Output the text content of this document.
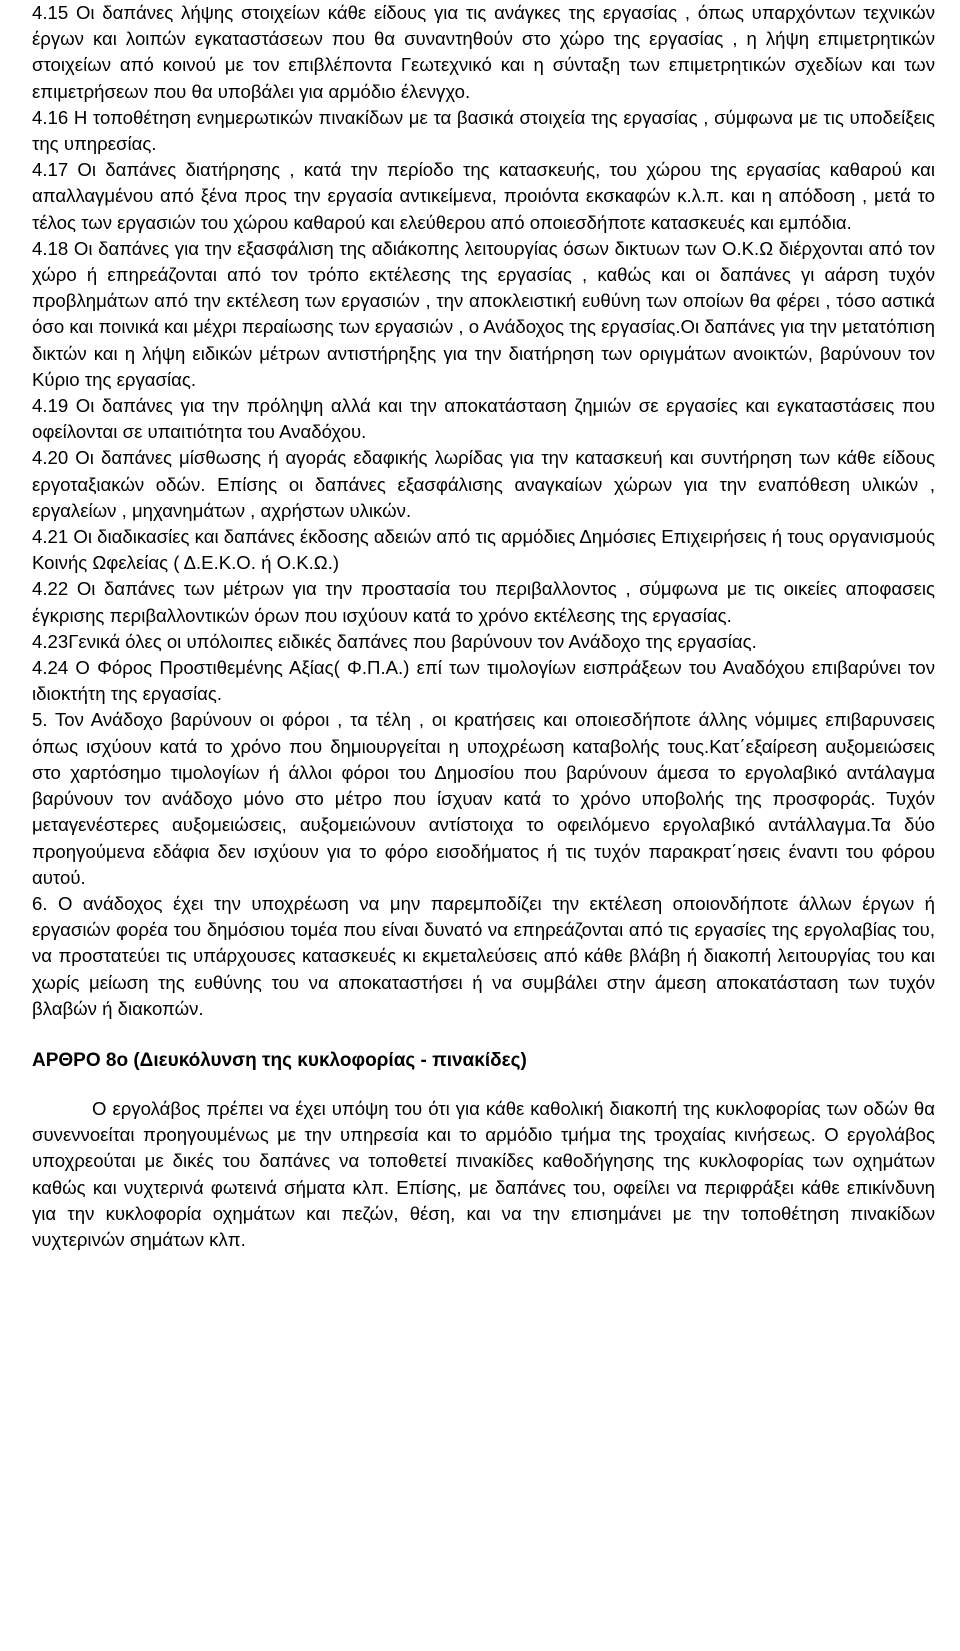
4.15 Οι δαπάνες λήψης στοιχείων κάθε είδους για τις ανάγκες της εργασίας , όπως υπαρχόντων τεχνικών έργων και λοιπών εγκαταστάσεων που θα συναντηθούν στο χώρο της εργασίας , η λήψη επιμετρητικών στοιχείων από κοινού με τον επιβλέποντα Γεωτεχνικό και η σύνταξη των επιμετρητικών σχεδίων και των επιμετρήσεων που θα υποβάλει για αρμόδιο έλενγχο.

4.16 Η τοποθέτηση ενημερωτικών πινακίδων με τα βασικά στοιχεία της εργασίας , σύμφωνα με τις υποδείξεις της υπηρεσίας.

4.17 Οι δαπάνες διατήρησης , κατά την περίοδο της κατασκευής, του χώρου της εργασίας καθαρού και απαλλαγμένου από ξένα προς την εργασία αντικείμενα, προιόντα εκσκαφών κ.λ.π. και η απόδοση , μετά το τέλος των εργασιών του χώρου καθαρού και ελεύθερου από οποιεσδήποτε κατασκευές και εμπόδια.

4.18 Οι δαπάνες για την εξασφάλιση της αδιάκοπης λειτουργίας όσων δικτυων των Ο.Κ.Ω διέρχονται από τον χώρο ή επηρεάζονται από τον τρόπο εκτέλεσης της εργασίας , καθώς και οι δαπάνες γι αάρση τυχόν προβλημάτων από την εκτέλεση των εργασιών , την αποκλειστική ευθύνη των οποίων θα φέρει , τόσο αστικά όσο και ποινικά και μέχρι περαίωσης των εργασιών , ο Ανάδοχος της εργασίας.Οι δαπάνες για την μετατόπιση δικτών και η λήψη ειδικών μέτρων αντιστήρηξης για την διατήρηση των οριγμάτων ανοικτών, βαρύνουν τον Κύριο της εργασίας.

4.19 Οι δαπάνες για την πρόληψη αλλά και την αποκατάσταση ζημιών σε εργασίες και εγκαταστάσεις που οφείλονται σε υπαιτιότητα του Αναδόχου.

4.20 Οι δαπάνες μίσθωσης ή αγοράς εδαφικής λωρίδας για την κατασκευή και συντήρηση των κάθε είδους εργοταξιακών οδών. Επίσης οι δαπάνες εξασφάλισης αναγκαίων χώρων για την εναπόθεση υλικών , εργαλείων , μηχανημάτων , αχρήστων υλικών.

4.21 Οι διαδικασίες και δαπάνες έκδοσης αδειών από τις αρμόδιες Δημόσιες Επιχειρήσεις ή τους οργανισμούς Κοινής Ωφελείας ( Δ.Ε.Κ.Ο. ή Ο.Κ.Ω.)

4.22 Οι δαπάνες των μέτρων για την προστασία του περιβαλλοντος , σύμφωνα με τις οικείες αποφασεις έγκρισης περιβαλλοντικών όρων που ισχύουν κατά το χρόνο εκτέλεσης της εργασίας.

4.23Γενικά όλες οι υπόλοιπες ειδικές δαπάνες που βαρύνουν τον Ανάδοχο της εργασίας.

4.24 Ο Φόρος Προστιθεμένης Αξίας( Φ.Π.Α.) επί των τιμολογίων εισπράξεων του Αναδόχου επιβαρύνει τον ιδιοκτήτη της εργασίας.

5. Τον Ανάδοχο βαρύνουν οι φόροι , τα τέλη , οι κρατήσεις και οποιεσδήποτε άλλης νόμιμες επιβαρυνσεις όπως ισχύουν κατά το χρόνο που δημιουργείται η υποχρέωση καταβολής τους.Κατ΄εξαίρεση αυξομειώσεις στο χαρτόσημο τιμολογίων ή άλλοι φόροι του Δημοσίου που βαρύνουν άμεσα το εργολαβικό αντάλαγμα βαρύνουν τον ανάδοχο μόνο στο μέτρο που ίσχυαν κατά το χρόνο υποβολής της προσφοράς. Τυχόν μεταγενέστερες αυξομειώσεις, αυξομειώνουν αντίστοιχα το οφειλόμενο εργολαβικό αντάλλαγμα.Τα δύο προηγούμενα εδάφια δεν ισχύουν για το φόρο εισοδήματος ή τις τυχόν παρακρατ΄ησεις έναντι του φόρου αυτού.

6. Ο ανάδοχος έχει την υποχρέωση να μην παρεμποδίζει την εκτέλεση οποιονδήποτε άλλων έργων ή εργασιών φορέα του δημόσιου τομέα που είναι δυνατό να επηρεάζονται από τις εργασίες της εργολαβίας του, να προστατεύει τις υπάρχουσες κατασκευές κι εκμεταλεύσεις από κάθε βλάβη ή διακοπή λειτουργίας του και χωρίς μείωση της ευθύνης του να αποκαταστήσει ή να συμβάλει στην άμεση αποκατάσταση των τυχόν βλαβών ή διακοπών.

ΑΡΘΡΟ 8ο (Διευκόλυνση της κυκλοφορίας - πινακίδες)

Ο εργολάβος πρέπει να έχει υπόψη του ότι για κάθε καθολική διακοπή της κυκλοφορίας των οδών θα συνεννοείται προηγουμένως με την υπηρεσία και το αρμόδιο τμήμα της τροχαίας κινήσεως. Ο εργολάβος υποχρεούται με δικές του δαπάνες να τοποθετεί πινακίδες καθοδήγησης της κυκλοφορίας των οχημάτων καθώς και νυχτερινά φωτεινά σήματα κλπ. Επίσης, με δαπάνες του, οφείλει να περιφράξει κάθε επικίνδυνη για την κυκλοφορία οχημάτων και πεζών, θέση, και να την επισημάνει με την τοποθέτηση πινακίδων νυχτερινών σημάτων κλπ.
